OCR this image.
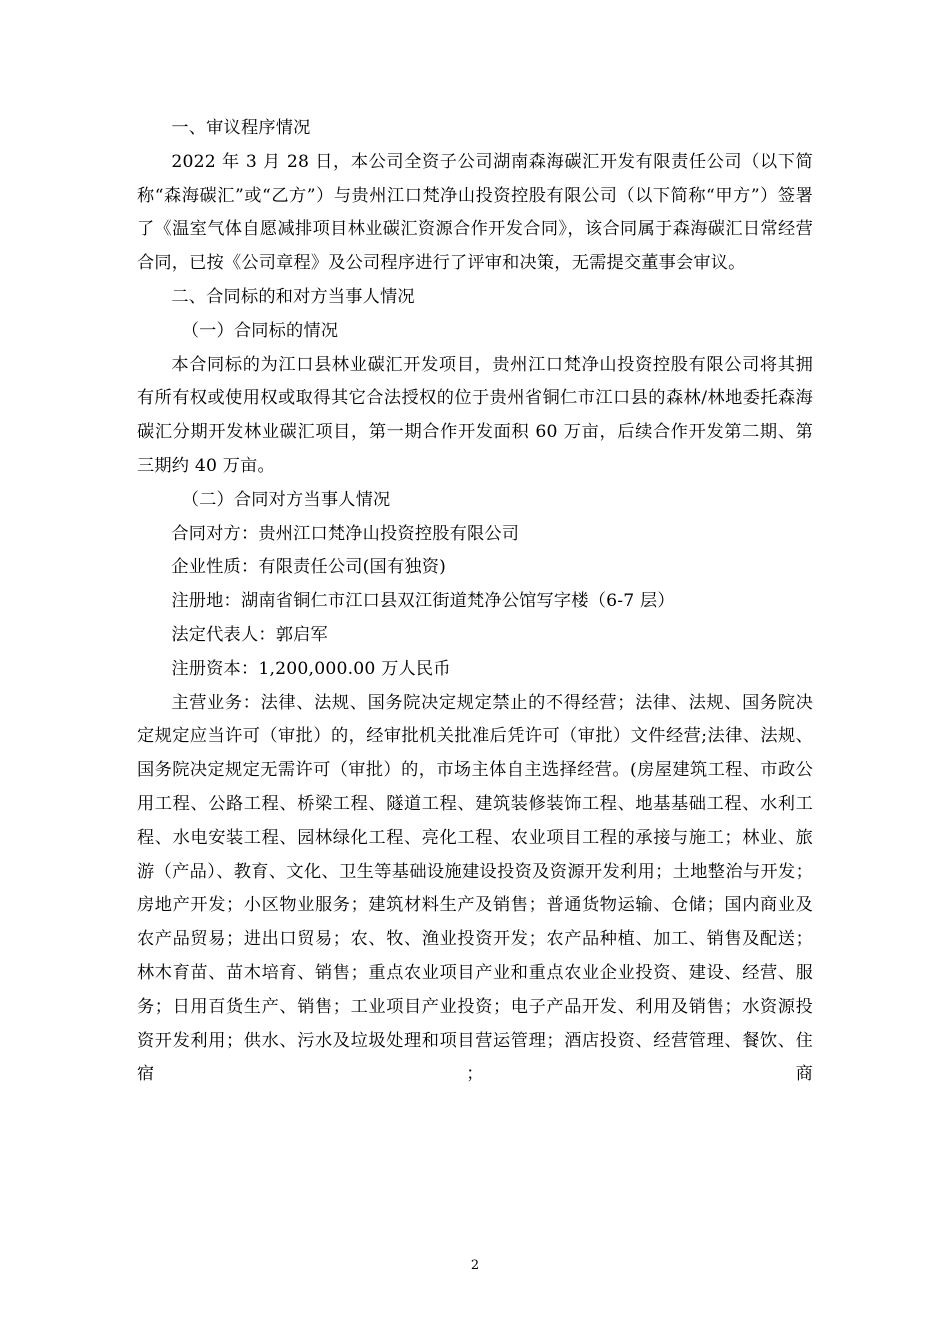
一、审议程序情况

2022 年 3 月 28 日，本公司全资子公司湖南森海碳汇开发有限责任公司（以下简称“森海碳汇”或“乙方”）与贵州江口梵净山投资控股有限公司（以下简称“甲方”）签署了《温室气体自愿减排项目林业碳汇资源合作开发合同》，该合同属于森海碳汇日常经营合同，已按《公司章程》及公司程序进行了评审和决策，无需提交董事会审议。

二、合同标的和对方当事人情况

（一）合同标的情况

本合同标的为江口县林业碳汇开发项目，贵州江口梵净山投资控股有限公司将其拥有所有权或使用权或取得其它合法授权的位于贵州省铜仁市江口县的森林/林地委托森海碳汇分期开发林业碳汇项目，第一期合作开发面积 60 万亩，后续合作开发第二期、第三期约 40 万亩。

（二）合同对方当事人情况

合同对方：贵州江口梵净山投资控股有限公司

企业性质：有限责任公司(国有独资)

注册地：湖南省铜仁市江口县双江街道梵净公馆写字楼（6-7 层）

法定代表人：郭启军

注册资本：1,200,000.00 万人民币

主营业务：法律、法规、国务院决定规定禁止的不得经营；法律、法规、国务院决定规定应当许可（审批）的，经审批机关批准后凭许可（审批）文件经营;法律、法规、国务院决定规定无需许可（审批）的，市场主体自主选择经营。(房屋建筑工程、市政公用工程、公路工程、桥梁工程、隧道工程、建筑装修装饰工程、地基基础工程、水利工程、水电安装工程、园林绿化工程、亮化工程、农业项目工程的承接与施工；林业、旅游（产品）、教育、文化、卫生等基础设施建设投资及资源开发利用；土地整治与开发；房地产开发；小区物业服务；建筑材料生产及销售；普通货物运输、仓储；国内商业及农产品贸易；进出口贸易；农、牧、渔业投资开发；农产品种植、加工、销售及配送；林木育苗、苗木培育、销售；重点农业项目产业和重点农业企业投资、建设、经营、服务；日用百货生产、销售；工业项目产业投资；电子产品开发、利用及销售；水资源投资开发利用；供水、污水及垃圾处理和项目营运管理；酒店投资、经营管理、餐饮、住宿；商

2
